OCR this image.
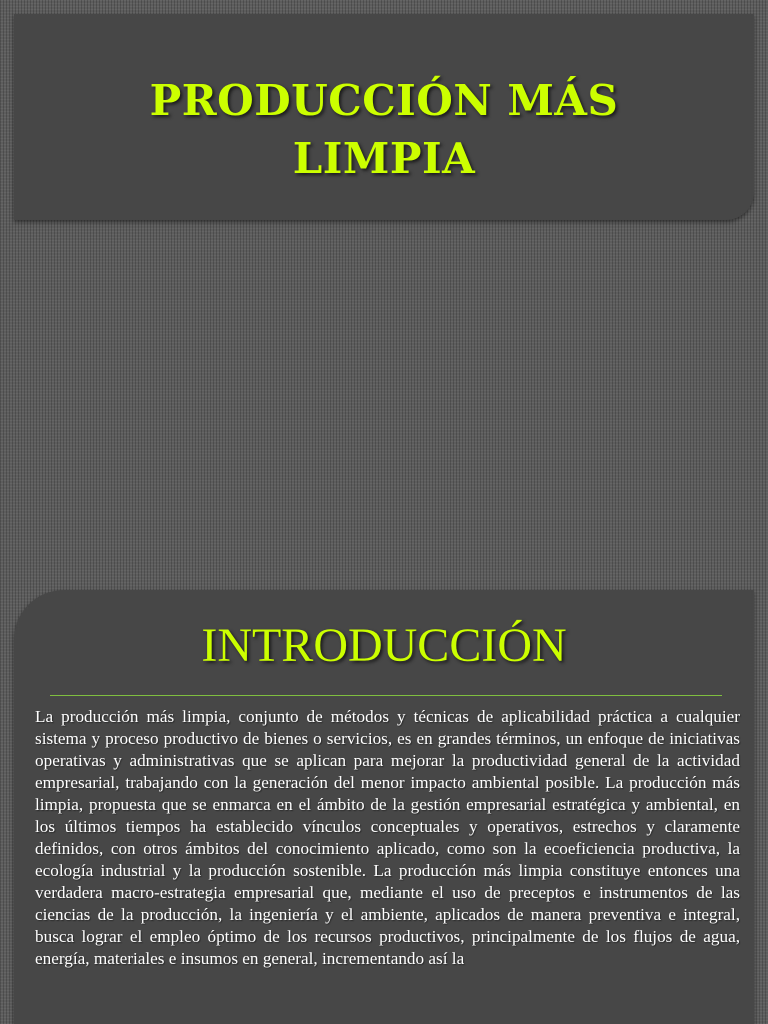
PRODUCCIÓN MÁS
LIMPIA
INTRODUCCIÓN

La producción más limpia, conjunto de métodos y técnicas de aplicabilidad práctica a cualquier sistema y proceso productivo de bienes o servicios, es en grandes términos, un enfoque de iniciativas operativas y administrativas que se aplican para mejorar la productividad general de la actividad empresarial, trabajando con la generación del menor impacto ambiental posible. La producción más limpia, propuesta que se enmarca en el ámbito de la gestión empresarial estratégica y ambiental, en los últimos tiempos ha establecido vínculos conceptuales y operativos, estrechos y claramente definidos, con otros ámbitos del conocimiento aplicado, como son la ecoeficiencia productiva, la ecología industrial y la producción sostenible. La producción más limpia constituye entonces una verdadera macro-estrategia empresarial que, mediante el uso de preceptos e instrumentos de las ciencias de la producción, la ingeniería y el ambiente, aplicados de manera preventiva e integral, busca lograr el empleo óptimo de los recursos productivos, principalmente de los flujos de agua, energía, materiales e insumos en general, incrementando así la
